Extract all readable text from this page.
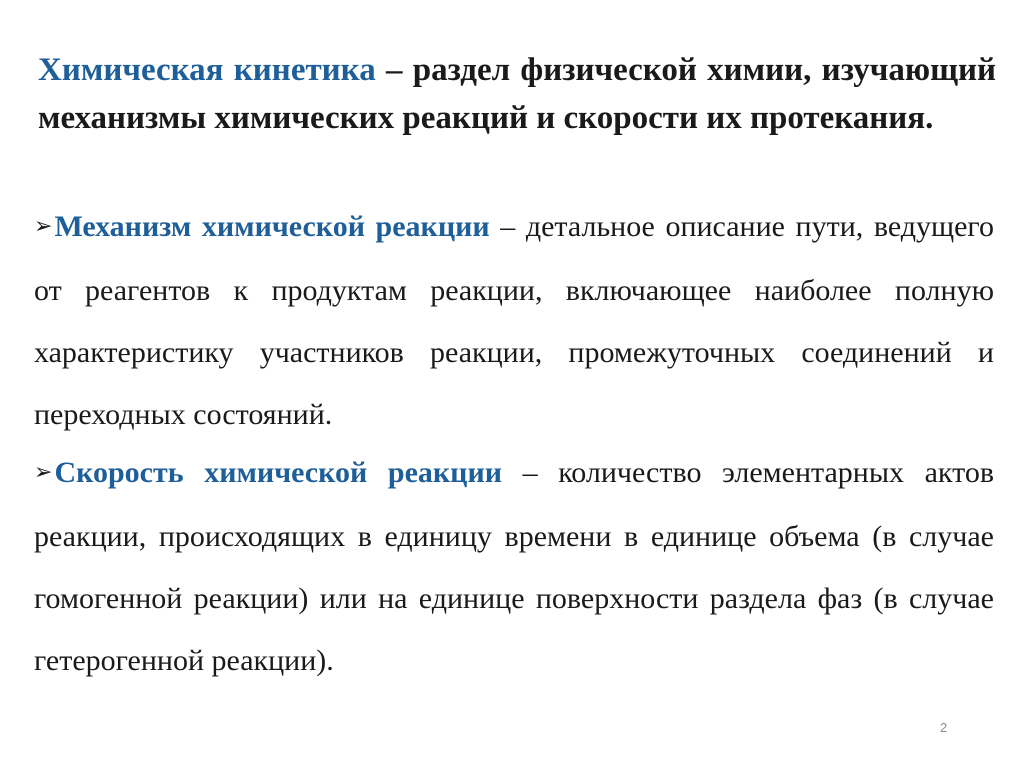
Химическая кинетика – раздел физической химии, изучающий механизмы химических реакций и скорости их протекания.
➢Механизм химической реакции – детальное описание пути, ведущего от реагентов к продуктам реакции, включающее наиболее полную характеристику участников реакции, промежуточных соединений и переходных состояний.
➢Скорость химической реакции – количество элементарных актов реакции, происходящих в единицу времени в единице объема (в случае гомогенной реакции) или на единице поверхности раздела фаз (в случае гетерогенной реакции).
2
